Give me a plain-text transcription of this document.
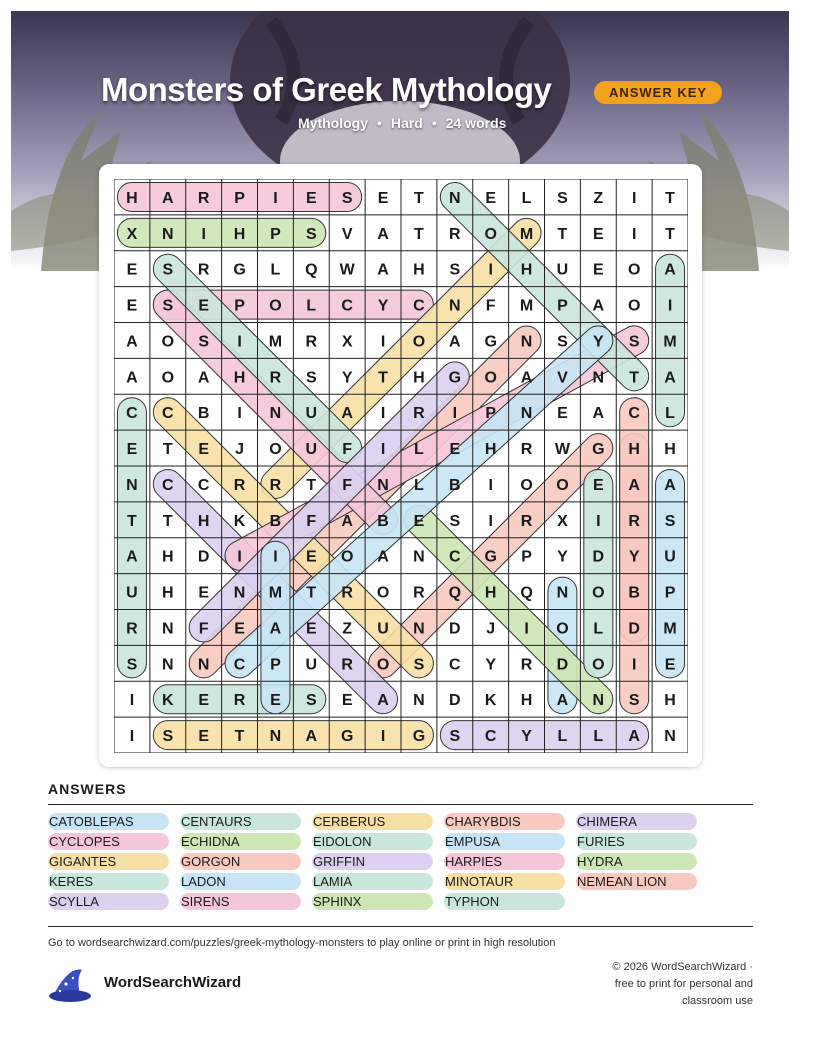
Monsters of Greek Mythology	ANSWER KEY
Mythology • Hard • 24 words
H A R P I E S E T N E L S Z I T
X N I H P S V A T R O M T E I T
E S R G L Q W A H S I H U E O A
E S E P O L C Y C N F M P A O I
A O S I M R X I O A G N S Y S M
A O A H R S Y T H G O A V N T A
C C B I N U A I R I P N E A C L
E T E J O U F I L E H R W G H H
N C C R R T F N L B I O O E A A
T T H K B F A B E S I R X I R S
A H D I I E O A N C G P Y D Y U
U H E N M T R O R Q H Q N O B P
R N F E A E Z U N D J I O L D M
S N N C P U R O S C Y R D O I E
I K E R E S E A N D K H A N S H
I S E T N A G I G S C Y L L A N
ANSWERS
CATOBLEPAS	CENTAURS	CERBERUS	CHARYBDIS	CHIMERA
CYCLOPES	ECHIDNA	EIDOLON	EMPUSA	FURIES
GIGANTES	GORGON	GRIFFIN	HARPIES	HYDRA
KERES	LADON	LAMIA	MINOTAUR	NEMEAN LION
SCYLLA	SIRENS	SPHINX	TYPHON
Go to wordsearchwizard.com/puzzles/greek-mythology-monsters to play online or print in high resolution
WordSearchWizard
© 2026 WordSearchWizard ·
free to print for personal and
classroom use
